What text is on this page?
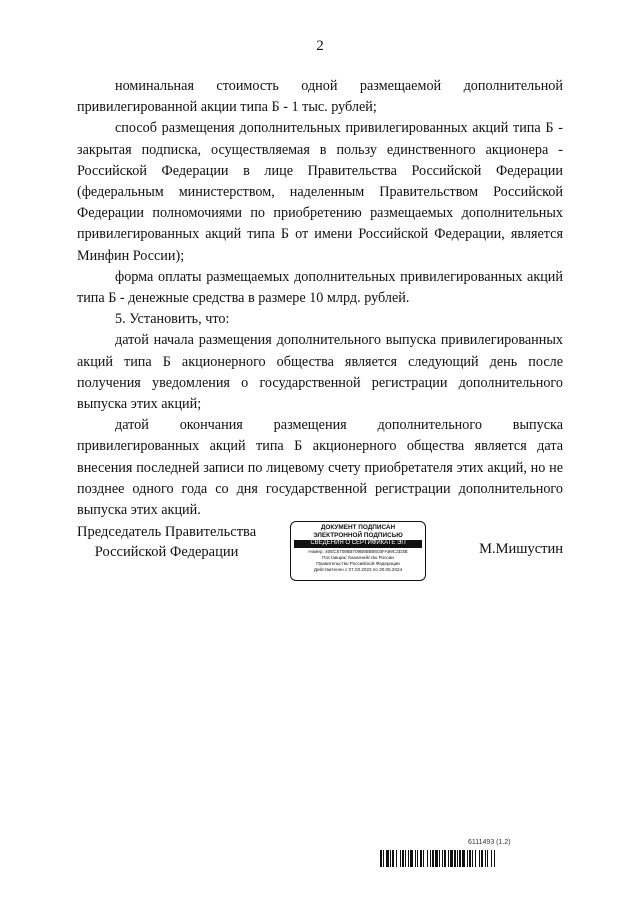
2

номинальная стоимость одной размещаемой дополнительной привилегированной акции типа Б - 1 тыс. рублей;

способ размещения дополнительных привилегированных акций типа Б - закрытая подписка, осуществляемая в пользу единственного акционера - Российской Федерации в лице Правительства Российской Федерации (федеральным министерством, наделенным Правительством Российской Федерации полномочиями по приобретению размещаемых дополнительных привилегированных акций типа Б от имени Российской Федерации, является Минфин России);

форма оплаты размещаемых дополнительных привилегированных акций типа Б - денежные средства в размере 10 млрд. рублей.

5. Установить, что:

датой начала размещения дополнительного выпуска привилегированных акций типа Б акционерного общества является следующий день после получения уведомления о государственной регистрации дополнительного выпуска этих акций;

датой окончания размещения дополнительного выпуска привилегированных акций типа Б акционерного общества является дата внесения последней записи по лицевому счету приобретателя этих акций, но не позднее одного года со дня государственной регистрации дополнительного выпуска этих акций.

Председатель Правительства
Российской Федерации
ДОКУМЕНТ ПОДПИСАН
ЭЛЕКТРОННОЙ ПОДПИСЬЮ
СВЕДЕНИЯ О СЕРТИФИКАТЕ ЭП
Номер: 40EC57088B709B8B8B603FA99C3D3B
Поставщик: Казначейство России
Правительство Российской Федерации
Действителен с 07.03.2023 по 30.05.2024
М.Мишустин
6111493 (1.2)
